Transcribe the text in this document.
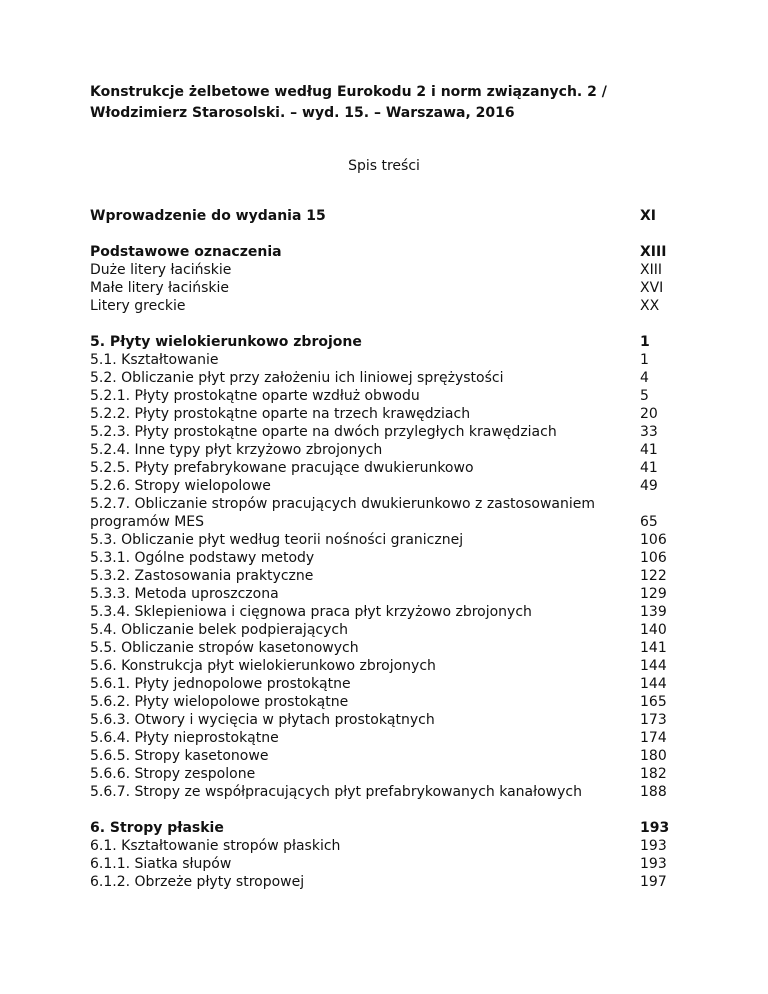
Konstrukcje żelbetowe według Eurokodu 2 i norm związanych. 2 /
Włodzimierz Starosolski. – wyd. 15. – Warszawa, 2016
Spis treści
Wprowadzenie do wydania 15	XI
Podstawowe oznaczenia	XIII
Duże litery łacińskie	XIII
Małe litery łacińskie	XVI
Litery greckie	XX
5. Płyty wielokierunkowo zbrojone	1
5.1. Kształtowanie	1
5.2. Obliczanie płyt przy założeniu ich liniowej sprężystości	4
5.2.1. Płyty prostokątne oparte wzdłuż obwodu	5
5.2.2. Płyty prostokątne oparte na trzech krawędziach	20
5.2.3. Płyty prostokątne oparte na dwóch przyległych krawędziach	33
5.2.4. Inne typy płyt krzyżowo zbrojonych	41
5.2.5. Płyty prefabrykowane pracujące dwukierunkowo	41
5.2.6. Stropy wielopolowe	49
5.2.7. Obliczanie stropów pracujących dwukierunkowo z zastosowaniem programów MES	65
5.3. Obliczanie płyt według teorii nośności granicznej	106
5.3.1. Ogólne podstawy metody	106
5.3.2. Zastosowania praktyczne	122
5.3.3. Metoda uproszczona	129
5.3.4. Sklepieniowa i cięgnowa praca płyt krzyżowo zbrojonych	139
5.4. Obliczanie belek podpierających	140
5.5. Obliczanie stropów kasetonowych	141
5.6. Konstrukcja płyt wielokierunkowo zbrojonych	144
5.6.1. Płyty jednopolowe prostokątne	144
5.6.2. Płyty wielopolowe prostokątne	165
5.6.3. Otwory i wycięcia w płytach prostokątnych	173
5.6.4. Płyty nieprostokątne	174
5.6.5. Stropy kasetonowe	180
5.6.6. Stropy zespolone	182
5.6.7. Stropy ze współpracujących płyt prefabrykowanych kanałowych	188
6. Stropy płaskie	193
6.1. Kształtowanie stropów płaskich	193
6.1.1. Siatka słupów	193
6.1.2. Obrzeże płyty stropowej	197
